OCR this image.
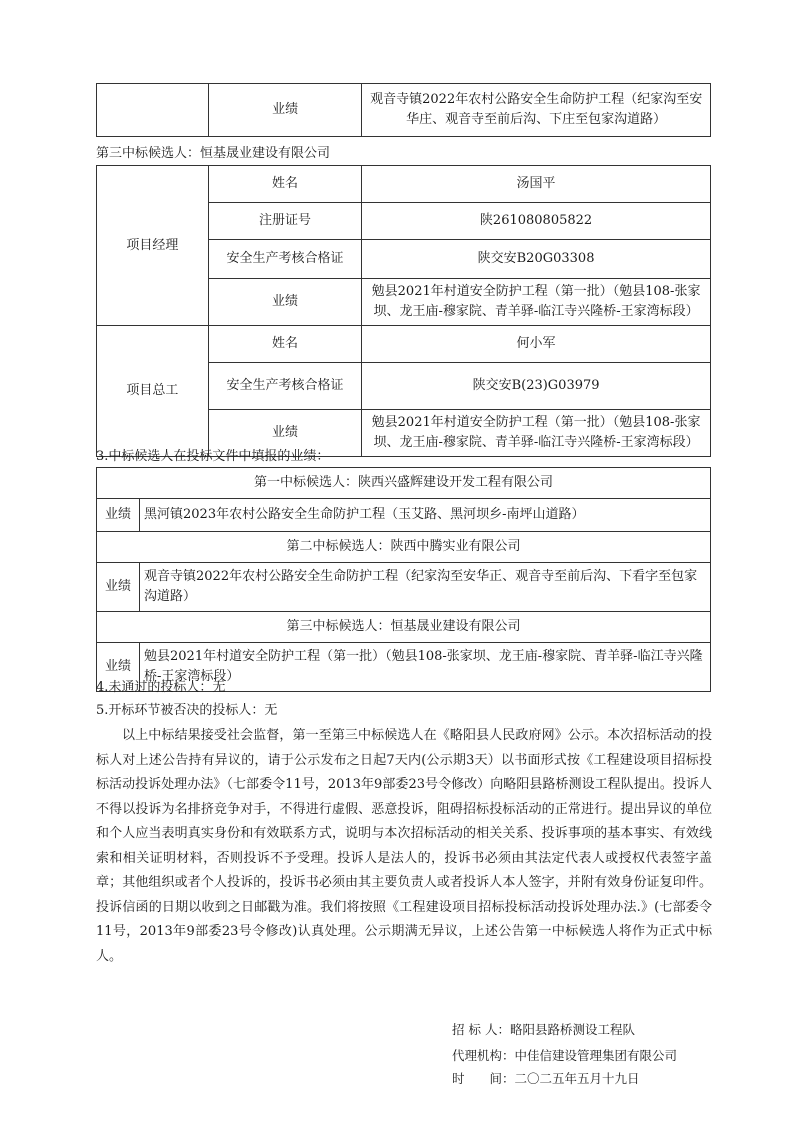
	业绩	观音寺镇2022年农村公路安全生命防护工程（纪家沟至安华庄、观音寺至前后沟、下庄至包家沟道路）
第三中标候选人：恒基晟业建设有限公司
项目经理	姓名	汤国平
	注册证号	陕261080805822
	安全生产考核合格证	陕交安B20G03308
	业绩	勉县2021年村道安全防护工程（第一批）（勉县108-张家坝、龙王庙-穆家院、青羊驿-临江寺兴隆桥-王家湾标段）
项目总工	姓名	何小军
	安全生产考核合格证	陕交安B(23)G03979
	业绩	勉县2021年村道安全防护工程（第一批）（勉县108-张家坝、龙王庙-穆家院、青羊驿-临江寺兴隆桥-王家湾标段）
3.中标候选人在投标文件中填报的业绩：
第一中标候选人：陕西兴盛辉建设开发工程有限公司	
业绩	黑河镇2023年农村公路安全生命防护工程（玉艾路、黑河坝乡-南坪山道路）
第二中标候选人：陕西中腾实业有限公司	
业绩	观音寺镇2022年农村公路安全生命防护工程（纪家沟至安华正、观音寺至前后沟、下看字至包家沟道路）
第三中标候选人：恒基晟业建设有限公司	
业绩	勉县2021年村道安全防护工程（第一批）（勉县108-张家坝、龙王庙-穆家院、青羊驿-临江寺兴隆桥-王家湾标段）
4.未通过的投标人：无
5.开标环节被否决的投标人：无
以上中标结果接受社会监督，第一至第三中标候选人在《略阳县人民政府网》公示。本次招标活动的投标人对上述公告持有异议的，请于公示发布之日起7天内(公示期3天）以书面形式按《工程建设项目招标投标活动投诉处理办法》（七部委令11号，2013年9部委23号令修改）向略阳县路桥测设工程队提出。投诉人不得以投诉为名排挤竞争对手，不得进行虚假、恶意投诉，阻碍招标投标活动的正常进行。提出异议的单位和个人应当表明真实身份和有效联系方式，说明与本次招标活动的相关关系、投诉事项的基本事实、有效线索和相关证明材料，否则投诉不予受理。投诉人是法人的，投诉书必须由其法定代表人或授权代表签字盖章；其他组织或者个人投诉的，投诉书必须由其主要负责人或者投诉人本人签字，并附有效身份证复印件。投诉信函的日期以收到之日邮戳为准。我们将按照《工程建设项目招标投标活动投诉处理办法.》(七部委令11号，2013年9部委23号令修改)认真处理。公示期满无异议，上述公告第一中标候选人将作为正式中标人。
招 标 人：略阳县路桥测设工程队
代理机构：中佳信建设管理集团有限公司
时　　间：二〇二五年五月十九日
